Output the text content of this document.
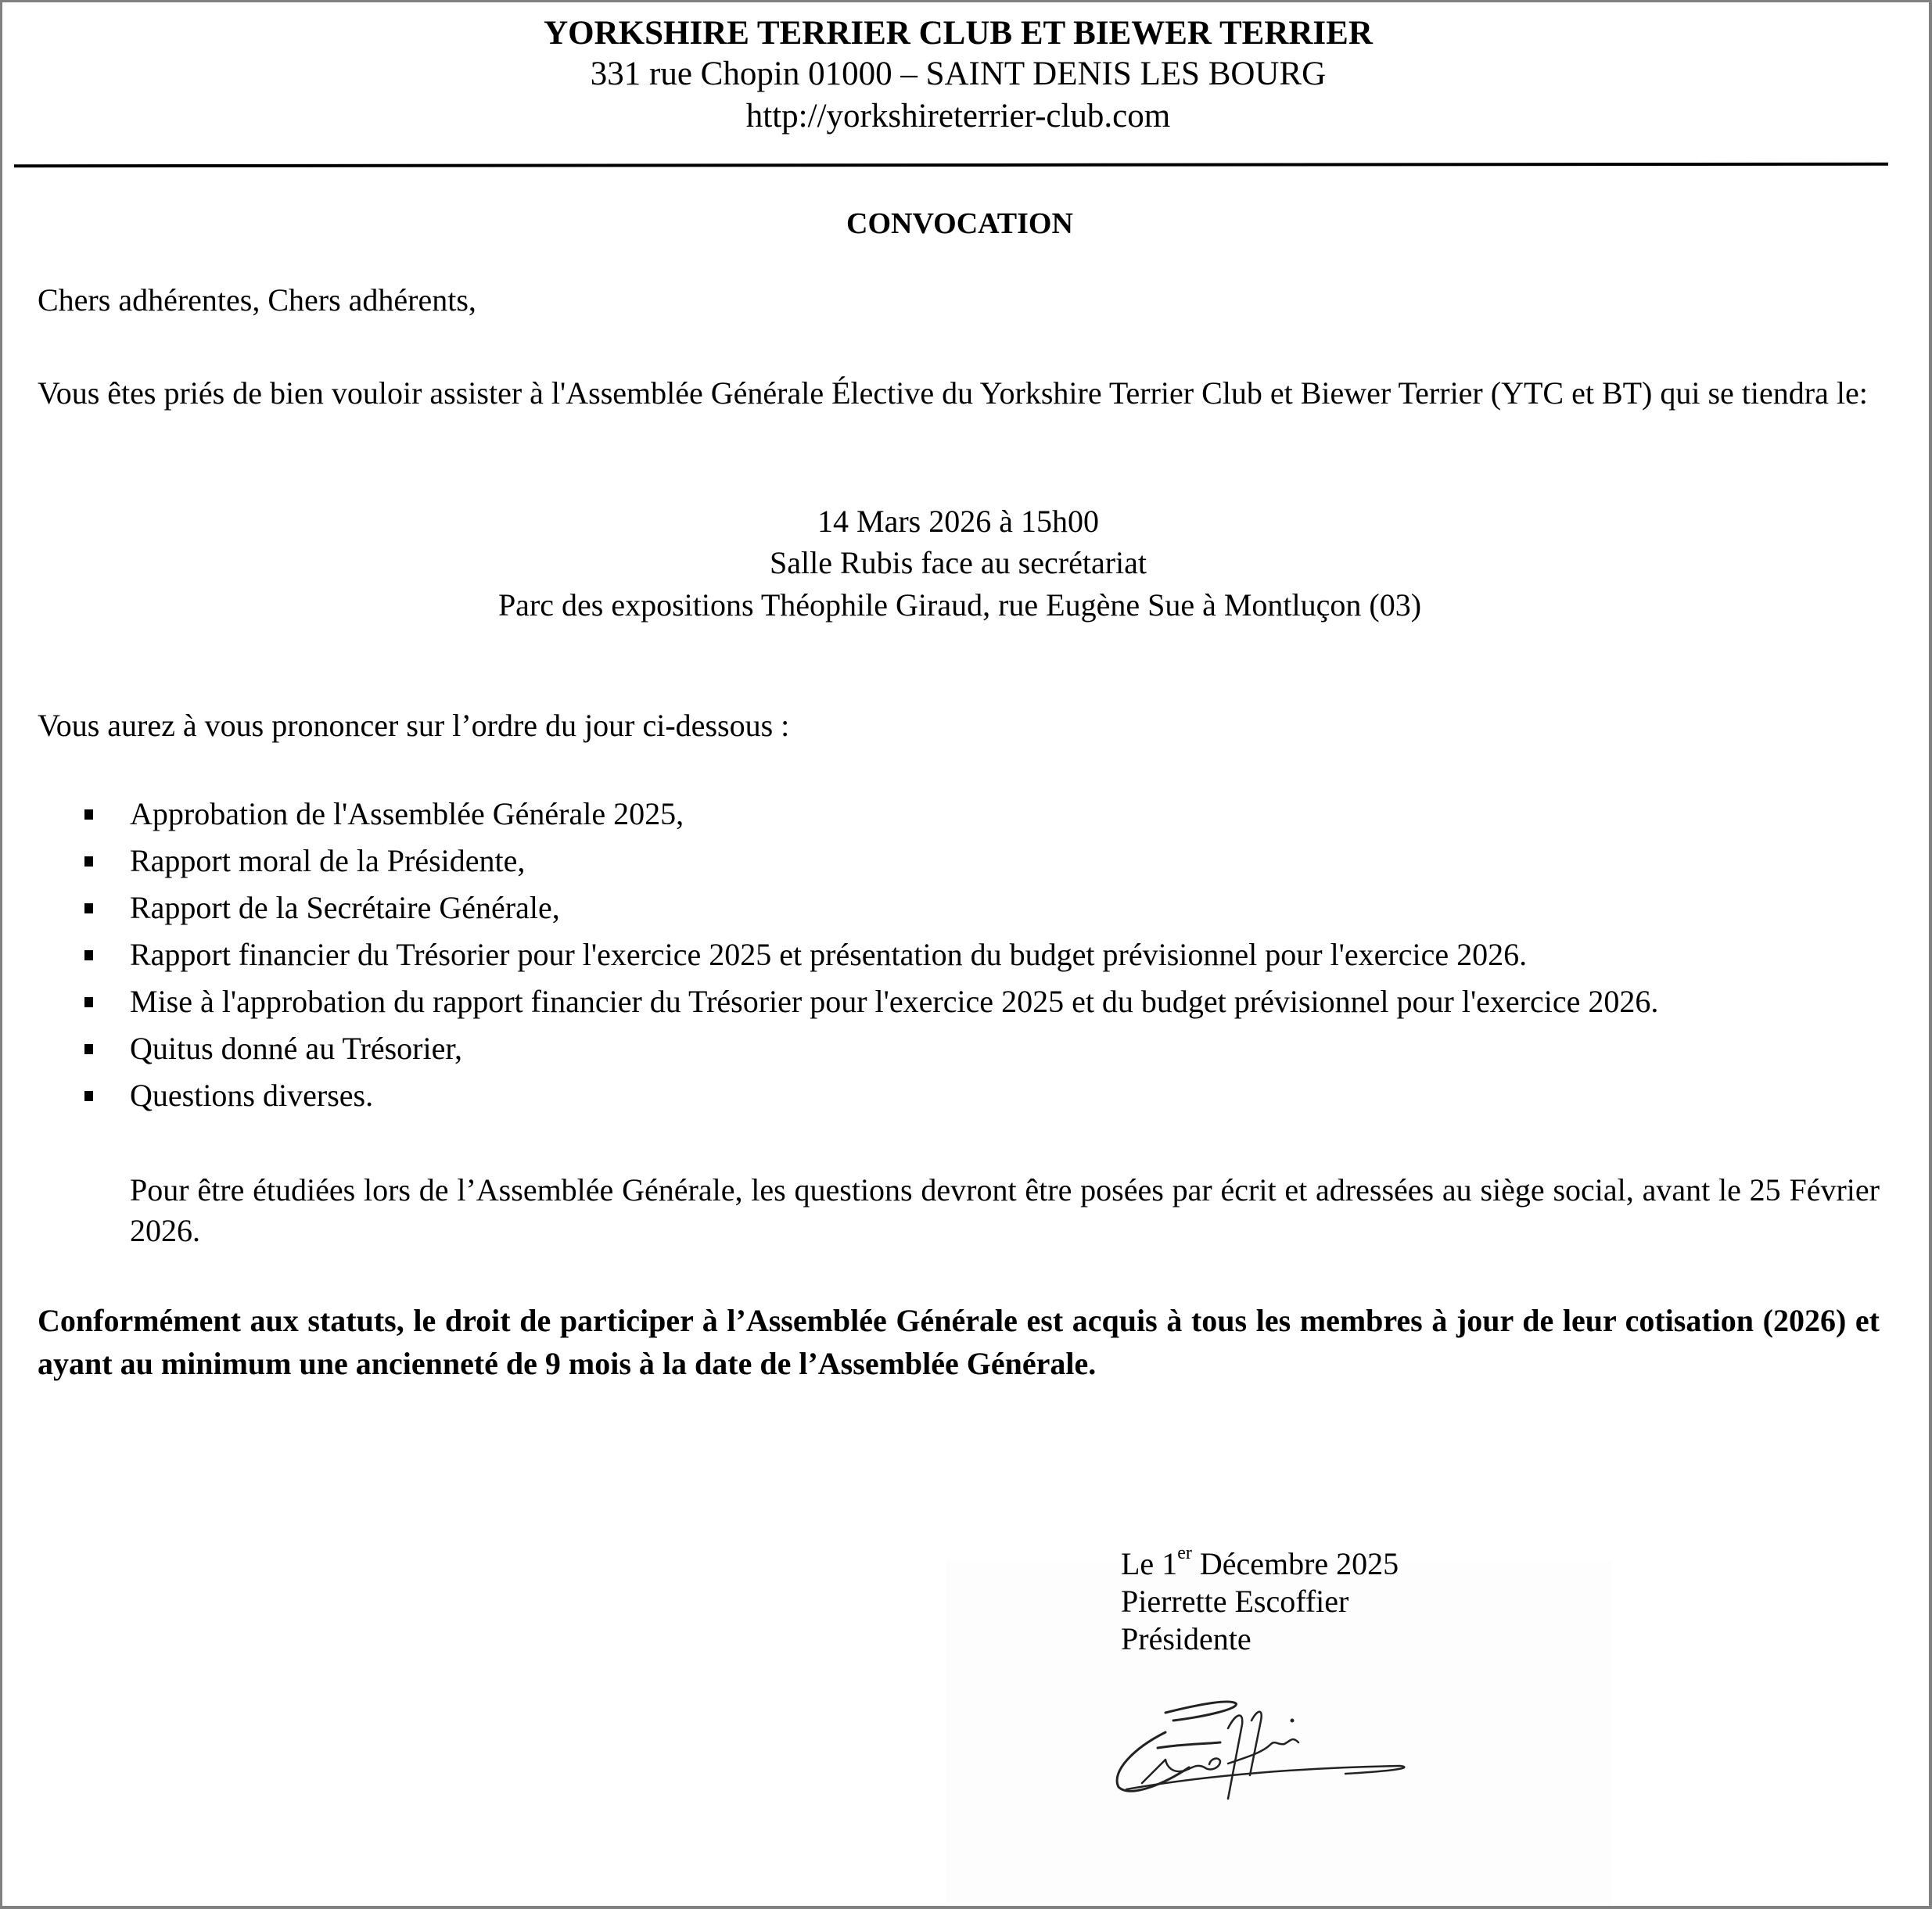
YORKSHIRE TERRIER CLUB ET BIEWER TERRIER
331 rue Chopin 01000 – SAINT DENIS LES BOURG
http://yorkshireterrier-club.com
CONVOCATION
Chers adhérentes, Chers adhérents,
Vous êtes priés de bien vouloir assister à l'Assemblée Générale Élective du Yorkshire Terrier Club et Biewer Terrier (YTC et BT) qui se tiendra le:
14 Mars 2026 à 15h00
Salle Rubis face au secrétariat
Parc des expositions Théophile Giraud, rue Eugène Sue à Montluçon (03)
Vous aurez à vous prononcer sur l’ordre du jour ci-dessous :
Approbation de l'Assemblée Générale 2025,
Rapport moral de la Présidente,
Rapport de la Secrétaire Générale,
Rapport financier du Trésorier pour l'exercice 2025 et présentation du budget prévisionnel pour l'exercice 2026.
Mise à l'approbation du rapport financier du Trésorier pour l'exercice 2025 et du budget prévisionnel pour l'exercice 2026.
Quitus donné au Trésorier,
Questions diverses.
Pour être étudiées lors de l’Assemblée Générale, les questions devront être posées par écrit et adressées au siège social, avant le 25 Février 2026.
Conformément aux statuts, le droit de participer à l’Assemblée Générale est acquis à tous les membres à jour de leur cotisation (2026) et ayant au minimum une ancienneté de 9 mois à la date de l’Assemblée Générale.
Le 1er Décembre 2025
Pierrette Escoffier
Présidente
